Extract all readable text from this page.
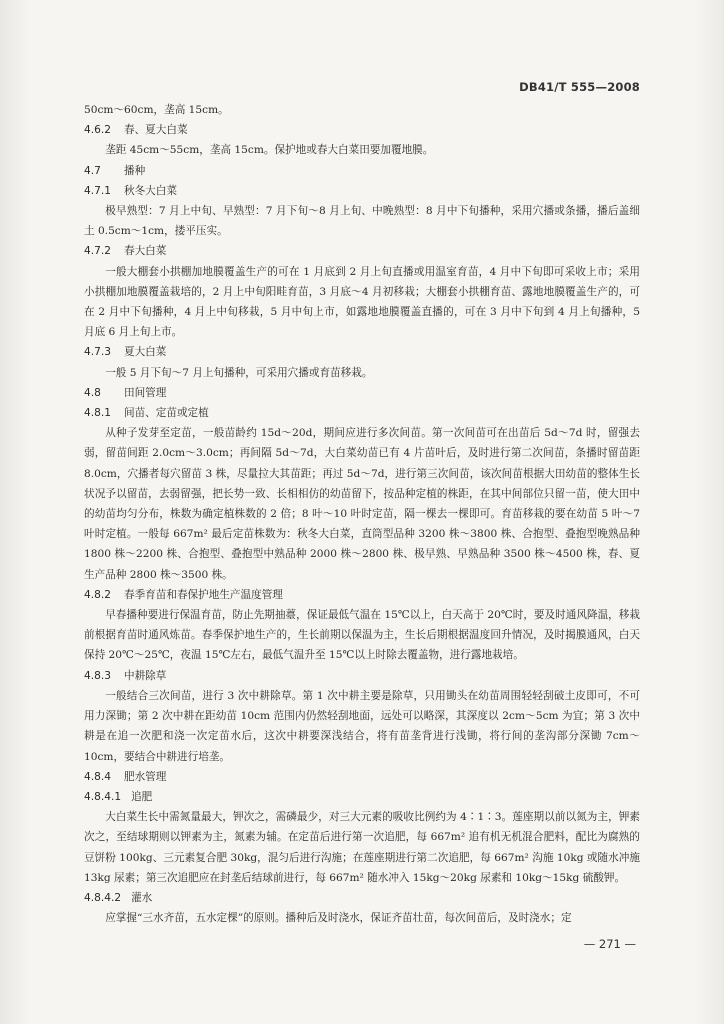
DB41/T 555—2008

50cm～60cm，垄高 15cm。

4.6.2 春、夏大白菜

垄距 45cm～55cm，垄高 15cm。保护地或春大白菜田要加覆地膜。

4.7 播种
4.7.1 秋冬大白菜

极早熟型：7 月上中旬、早熟型：7 月下旬～8 月上旬、中晚熟型：8 月中下旬播种，采用穴播或条播，播后盖细土 0.5cm～1cm，搂平压实。

4.7.2 春大白菜

一般大棚套小拱棚加地膜覆盖生产的可在 1 月底到 2 月上旬直播或用温室育苗，4 月中下旬即可采收上市；采用小拱棚加地膜覆盖栽培的，2 月上中旬阳畦育苗，3 月底～4 月初移栽；大棚套小拱棚育苗、露地地膜覆盖生产的，可在 2 月中下旬播种，4 月上中旬移栽，5 月中旬上市，如露地地膜覆盖直播的，可在 3 月中下旬到 4 月上旬播种，5 月底 6 月上旬上市。

4.7.3 夏大白菜

一般 5 月下旬～7 月上旬播种，可采用穴播或育苗移栽。

4.8 田间管理
4.8.1 间苗、定苗或定植

从种子发芽至定苗，一般苗龄约 15d～20d，期间应进行多次间苗。第一次间苗可在出苗后 5d～7d 时，留强去弱，留苗间距 2.0cm～3.0cm；再间隔 5d～7d，大白菜幼苗已有 4 片苗叶后，及时进行第二次间苗，条播时留苗距 8.0cm，穴播者每穴留苗 3 株，尽量拉大其苗距；再过 5d～7d，进行第三次间苗，该次间苗根据大田幼苗的整体生长状况予以留苗，去弱留强，把长势一致、长相相仿的幼苗留下，按品种定植的株距，在其中间部位只留一苗，使大田中的幼苗均匀分布，株数为确定植株数的 2 倍；8 叶～10 叶时定苗，隔一棵去一棵即可。育苗移栽的要在幼苗 5 叶～7 叶时定植。一般每 667m² 最后定苗株数为：秋冬大白菜，直筒型品种 3200 株～3800 株、合抱型、叠抱型晚熟品种 1800 株～2200 株、合抱型、叠抱型中熟品种 2000 株～2800 株、极早熟、早熟品种 3500 株～4500 株，春、夏生产品种 2800 株～3500 株。

4.8.2 春季育苗和春保护地生产温度管理

早春播种要进行保温育苗，防止先期抽薹，保证最低气温在 15℃以上，白天高于 20℃时，要及时通风降温，移栽前根据育苗时通风炼苗。春季保护地生产的，生长前期以保温为主，生长后期根据温度回升情况，及时揭膜通风，白天保持 20℃～25℃，夜温 15℃左右，最低气温升至 15℃以上时除去覆盖物，进行露地栽培。

4.8.3 中耕除草

一般结合三次间苗，进行 3 次中耕除草。第 1 次中耕主要是除草，只用锄头在幼苗周围轻轻刮破土皮即可，不可用力深锄；第 2 次中耕在距幼苗 10cm 范围内仍然轻刮地面，远处可以略深，其深度以 2cm～5cm 为宜；第 3 次中耕是在追一次肥和浇一次定苗水后，这次中耕要深浅结合，将有苗垄背进行浅锄，将行间的垄沟部分深锄 7cm～10cm，要结合中耕进行培垄。

4.8.4 肥水管理
4.8.4.1 追肥

大白菜生长中需氮量最大，钾次之，需磷最少，对三大元素的吸收比例约为 4∶1∶3。莲座期以前以氮为主，钾素次之，至结球期则以钾素为主，氮素为辅。在定苗后进行第一次追肥，每 667m² 追有机无机混合肥料，配比为腐熟的豆饼粉 100kg、三元素复合肥 30kg，混匀后进行沟施；在莲座期进行第二次追肥，每 667m² 沟施 10kg 或随水冲施 13kg 尿素；第三次追肥应在封垄后结球前进行，每 667m² 随水冲入 15kg～20kg 尿素和 10kg～15kg 硫酸钾。

4.8.4.2 灌水

应掌握“三水齐苗，五水定棵”的原则。播种后及时浇水，保证齐苗壮苗，每次间苗后，及时浇水；定

— 271 —
